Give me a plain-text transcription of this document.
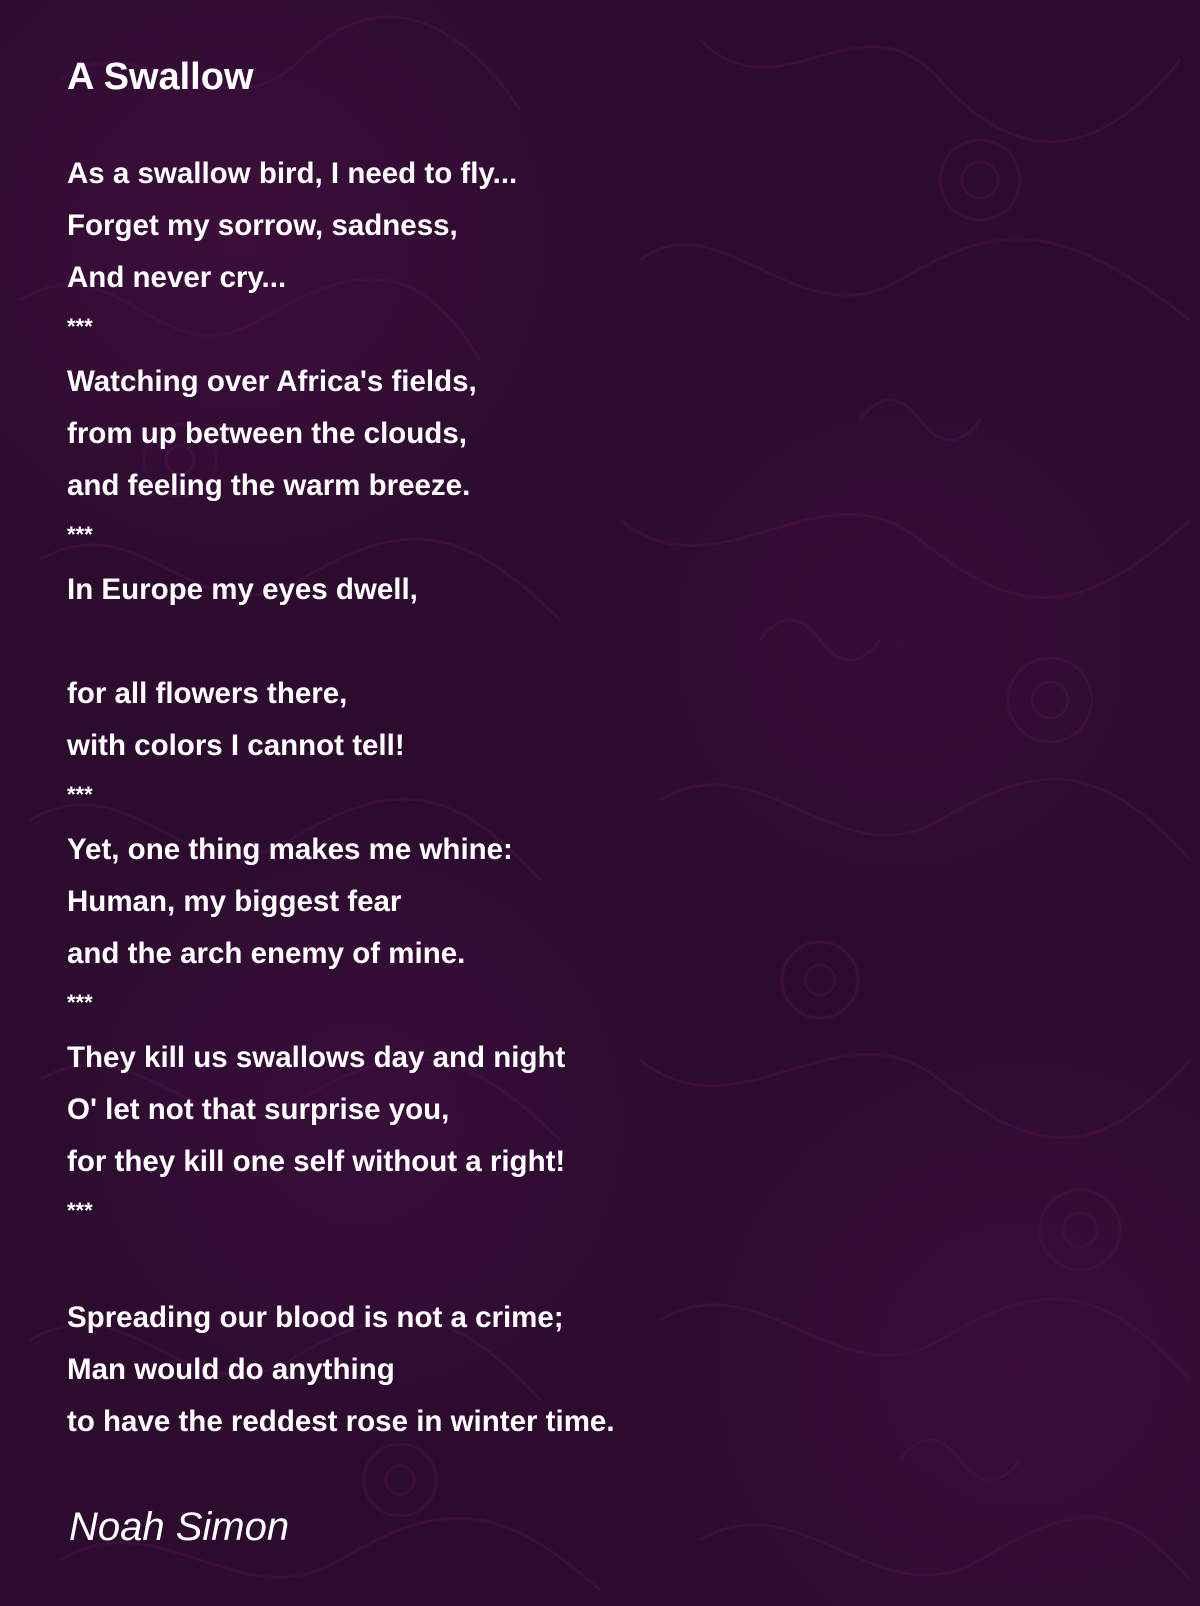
A Swallow
As a swallow bird, I need to fly...
Forget my sorrow, sadness,
And never cry...
***
Watching over Africa's fields,
from up between the clouds,
and feeling the warm breeze.
***
In Europe my eyes dwell,
for all flowers there,
with colors I cannot tell!
***
Yet, one thing makes me whine:
Human, my biggest fear
and the arch enemy of mine.
***
They kill us swallows day and night
O' let not that surprise you,
for they kill one self without a right!
***
Spreading our blood is not a crime;
Man would do anything
to have the reddest rose in winter time.
Noah Simon
